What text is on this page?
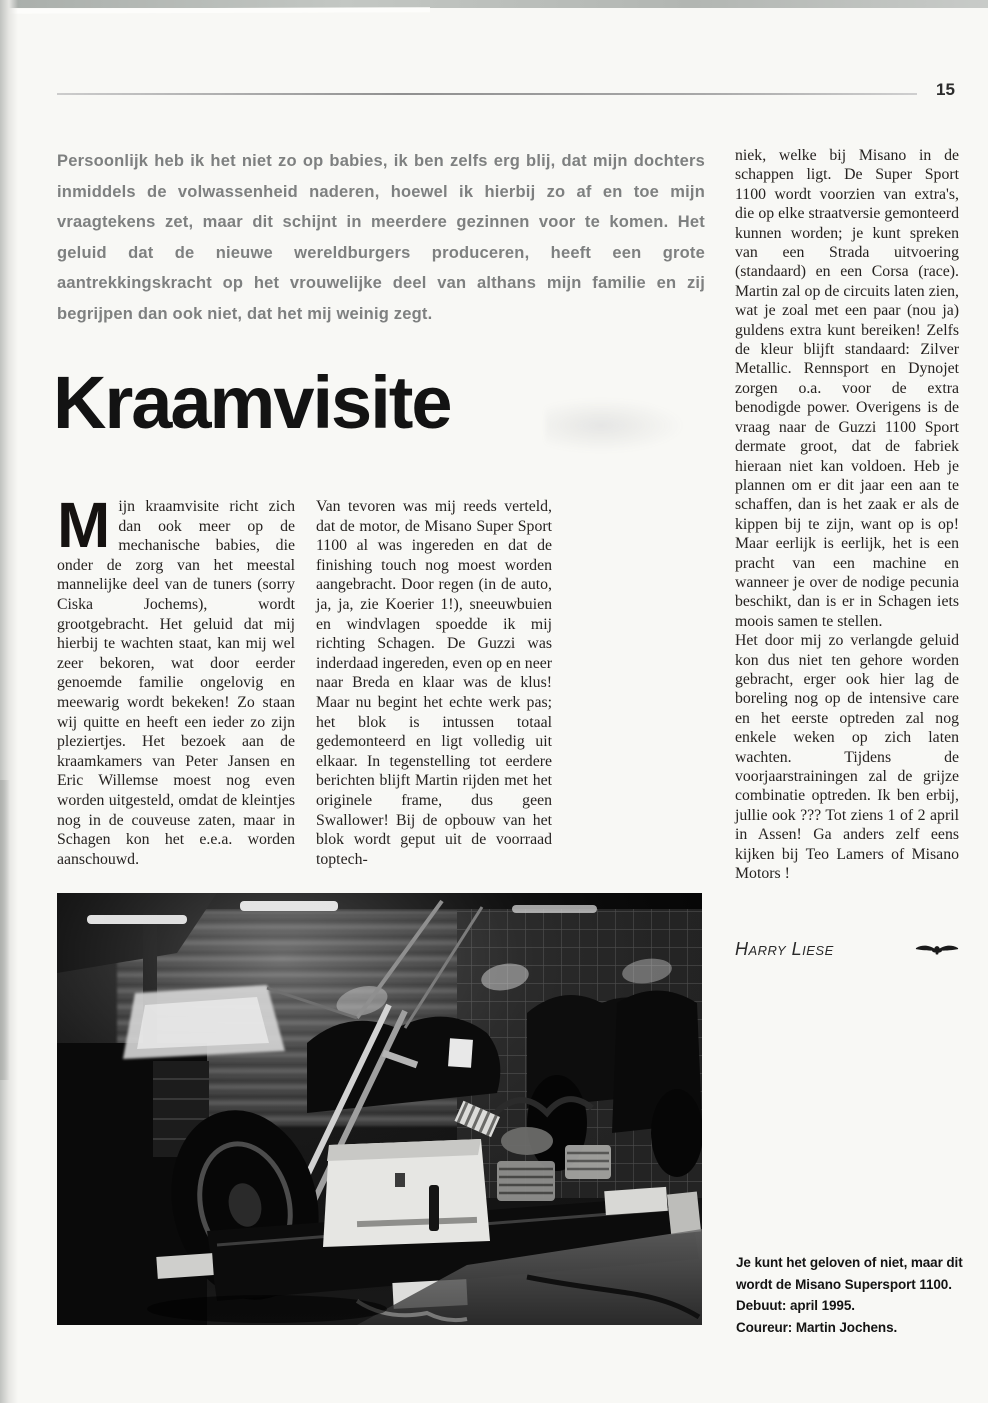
15
Persoonlijk heb ik het niet zo op babies, ik ben zelfs erg blij, dat mijn dochters inmiddels de volwassenheid naderen, hoewel ik hierbij zo af en toe mijn vraagtekens zet, maar dit schijnt in meerdere gezinnen voor te komen. Het geluid dat de nieuwe wereldburgers produceren, heeft een grote aantrekkingskracht op het vrouwelijke deel van althans mijn familie en zij begrijpen dan ook niet, dat het mij weinig zegt.
Kraamvisite
Mijn kraamvisite richt zich dan ook meer op de mechanische babies, die onder de zorg van het meestal mannelijke deel van de tuners (sorry Ciska Jochems), wordt grootgebracht. Het geluid dat mij hierbij te wachten staat, kan mij wel zeer bekoren, wat door eerder genoemde familie ongelovig en meewarig wordt bekeken! Zo staan wij quitte en heeft een ieder zo zijn pleziertjes. Het bezoek aan de kraamkamers van Peter Jansen en Eric Willemse moest nog even worden uitgesteld, omdat de kleintjes nog in de couveuse zaten, maar in Schagen kon het e.e.a. worden aanschouwd.
Van tevoren was mij reeds verteld, dat de motor, de Misano Super Sport 1100 al was ingereden en dat de finishing touch nog moest worden aangebracht. Door regen (in de auto, ja, ja, zie Koerier 1!), sneeuwbuien en windvlagen spoedde ik mij richting Schagen. De Guzzi was inderdaad ingereden, even op en neer naar Breda en klaar was de klus! Maar nu begint het echte werk pas; het blok is intussen totaal gedemonteerd en ligt volledig uit elkaar. In tegenstelling tot eerdere berichten blijft Martin rijden met het originele frame, dus geen Swallower! Bij de opbouw van het blok wordt geput uit de voorraad toptech-

niek, welke bij Misano in de schappen ligt. De Super Sport 1100 wordt voorzien van extra's, die op elke straatversie gemonteerd kunnen worden; je kunt spreken van een Strada uitvoering (standaard) en een Corsa (race). Martin zal op de circuits laten zien, wat je zoal met een paar (nou ja) guldens extra kunt bereiken! Zelfs de kleur blijft standaard: Zilver Metallic. Rennsport en Dynojet zorgen o.a. voor de extra benodigde power. Overigens is de vraag naar de Guzzi 1100 Sport dermate groot, dat de fabriek hieraan niet kan voldoen. Heb je plannen om er dit jaar een aan te schaffen, dan is het zaak er als de kippen bij te zijn, want op is op! Maar eerlijk is eerlijk, het is een pracht van een machine en wanneer je over de nodige pecunia beschikt, dan is er in Schagen iets moois samen te stellen.

Het door mij zo verlangde geluid kon dus niet ten gehore worden gebracht, erger ook hier lag de boreling nog op de intensive care en het eerste optreden zal nog enkele weken op zich laten wachten. Tijdens de voorjaarstrainingen zal de grijze combinatie optreden. Ik ben erbij, jullie ook ??? Tot ziens 1 of 2 april in Assen! Ga anders zelf eens kijken bij Teo Lamers of Misano Motors !

Harry Liese
Je kunt het geloven of niet, maar dit wordt de Misano Supersport 1100.
Debuut: april 1995.
Coureur: Martin Jochens.
